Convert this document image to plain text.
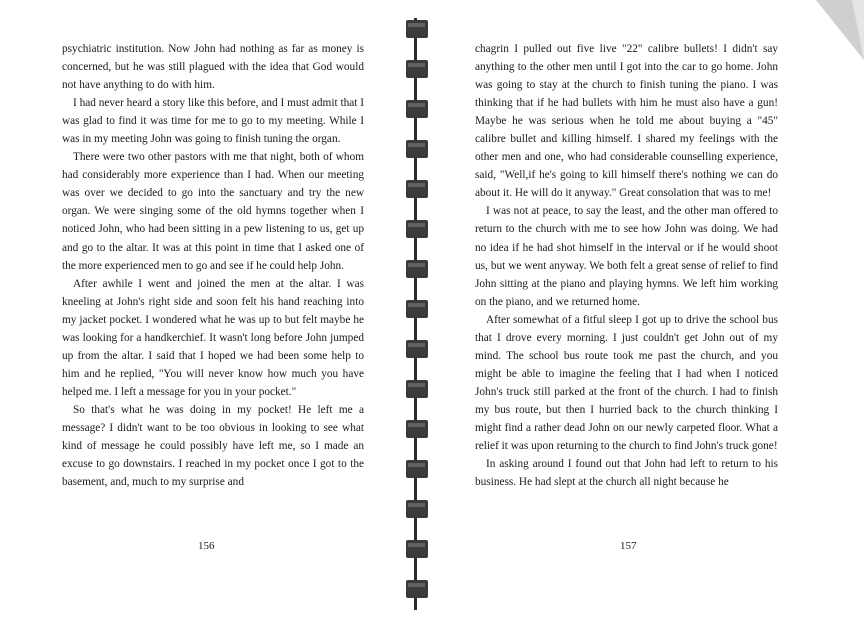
psychiatric institution. Now John had nothing as far as money is concerned, but he was still plagued with the idea that God would not have anything to do with him.

I had never heard a story like this before, and I must admit that I was glad to find it was time for me to go to my meeting. While I was in my meeting John was going to finish tuning the organ.

There were two other pastors with me that night, both of whom had considerably more experience than I had. When our meeting was over we decided to go into the sanctuary and try the new organ. We were singing some of the old hymns together when I noticed John, who had been sitting in a pew listening to us, get up and go to the altar. It was at this point in time that I asked one of the more experienced men to go and see if he could help John.

After awhile I went and joined the men at the altar. I was kneeling at John's right side and soon felt his hand reaching into my jacket pocket. I wondered what he was up to but felt maybe he was looking for a handkerchief. It wasn't long before John jumped up from the altar. I said that I hoped we had been some help to him and he replied, "You will never know how much you have helped me. I left a message for you in your pocket."

So that's what he was doing in my pocket! He left me a message? I didn't want to be too obvious in looking to see what kind of message he could possibly have left me, so I made an excuse to go downstairs. I reached in my pocket once I got to the basement, and, much to my surprise and

156

chagrin I pulled out five live "22" calibre bullets! I didn't say anything to the other men until I got into the car to go home. John was going to stay at the church to finish tuning the piano. I was thinking that if he had bullets with him he must also have a gun! Maybe he was serious when he told me about buying a "45" calibre bullet and killing himself. I shared my feelings with the other men and one, who had considerable counselling experience, said, "Well,if he's going to kill himself there's nothing we can do about it. He will do it anyway." Great consolation that was to me!

I was not at peace, to say the least, and the other man offered to return to the church with me to see how John was doing. We had no idea if he had shot himself in the interval or if he would shoot us, but we went anyway. We both felt a great sense of relief to find John sitting at the piano and playing hymns. We left him working on the piano, and we returned home.

After somewhat of a fitful sleep I got up to drive the school bus that I drove every morning. I just couldn't get John out of my mind. The school bus route took me past the church, and you might be able to imagine the feeling that I had when I noticed John's truck still parked at the front of the church. I had to finish my bus route, but then I hurried back to the church thinking I might find a rather dead John on our newly carpeted floor. What a relief it was upon returning to the church to find John's truck gone!

In asking around I found out that John had left to return to his business. He had slept at the church all night because he

157
